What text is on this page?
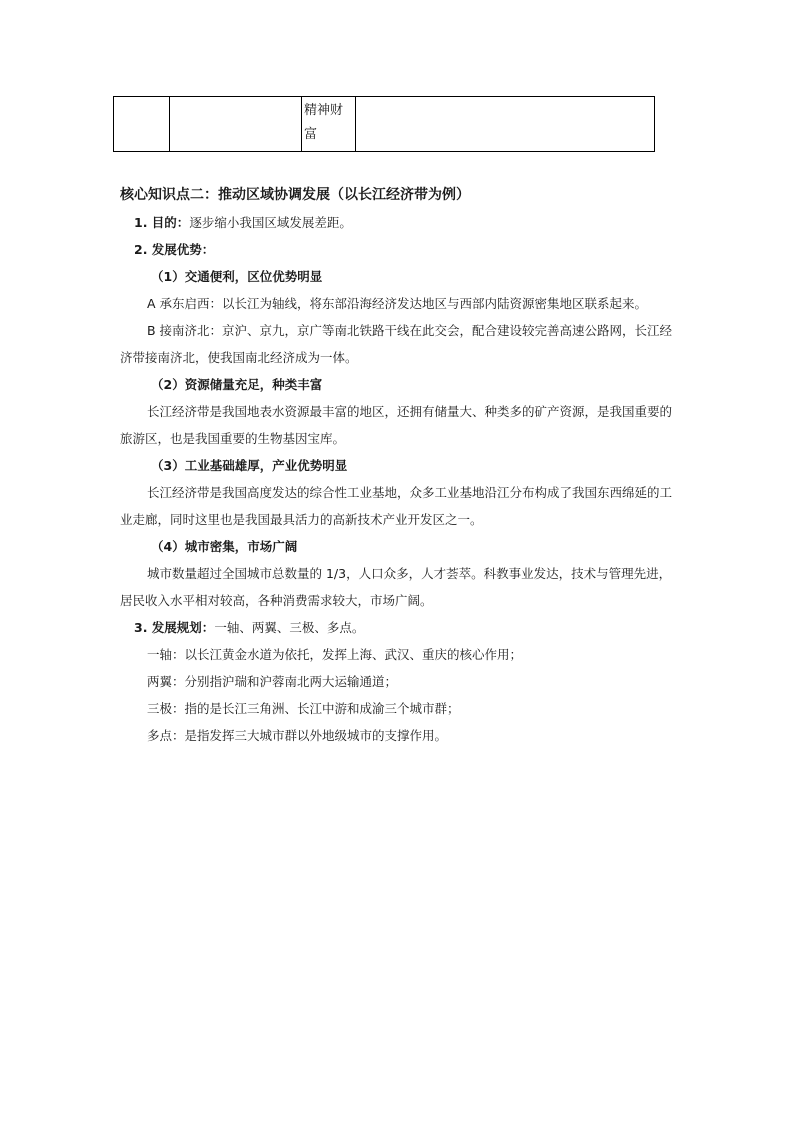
		精神财富	

核心知识点二：推动区域协调发展（以长江经济带为例）

1. 目的：逐步缩小我国区域发展差距。

2. 发展优势：

（1）交通便利，区位优势明显

A 承东启西：以长江为轴线，将东部沿海经济发达地区与西部内陆资源密集地区联系起来。

B 接南济北：京沪、京九，京广等南北铁路干线在此交会，配合建设较完善高速公路网，长江经济带接南济北，使我国南北经济成为一体。

（2）资源储量充足，种类丰富

长江经济带是我国地表水资源最丰富的地区，还拥有储量大、种类多的矿产资源，是我国重要的旅游区，也是我国重要的生物基因宝库。

（3）工业基础雄厚，产业优势明显

长江经济带是我国高度发达的综合性工业基地，众多工业基地沿江分布构成了我国东西绵延的工业走廊，同时这里也是我国最具活力的高新技术产业开发区之一。

（4）城市密集，市场广阔

城市数量超过全国城市总数量的 1/3，人口众多，人才荟萃。科教事业发达，技术与管理先进，居民收入水平相对较高，各种消费需求较大，市场广阔。

3. 发展规划：一轴、两翼、三极、多点。

一轴：以长江黄金水道为依托，发挥上海、武汉、重庆的核心作用；

两翼：分别指沪瑞和沪蓉南北两大运输通道；

三极：指的是长江三角洲、长江中游和成渝三个城市群；

多点：是指发挥三大城市群以外地级城市的支撑作用。
